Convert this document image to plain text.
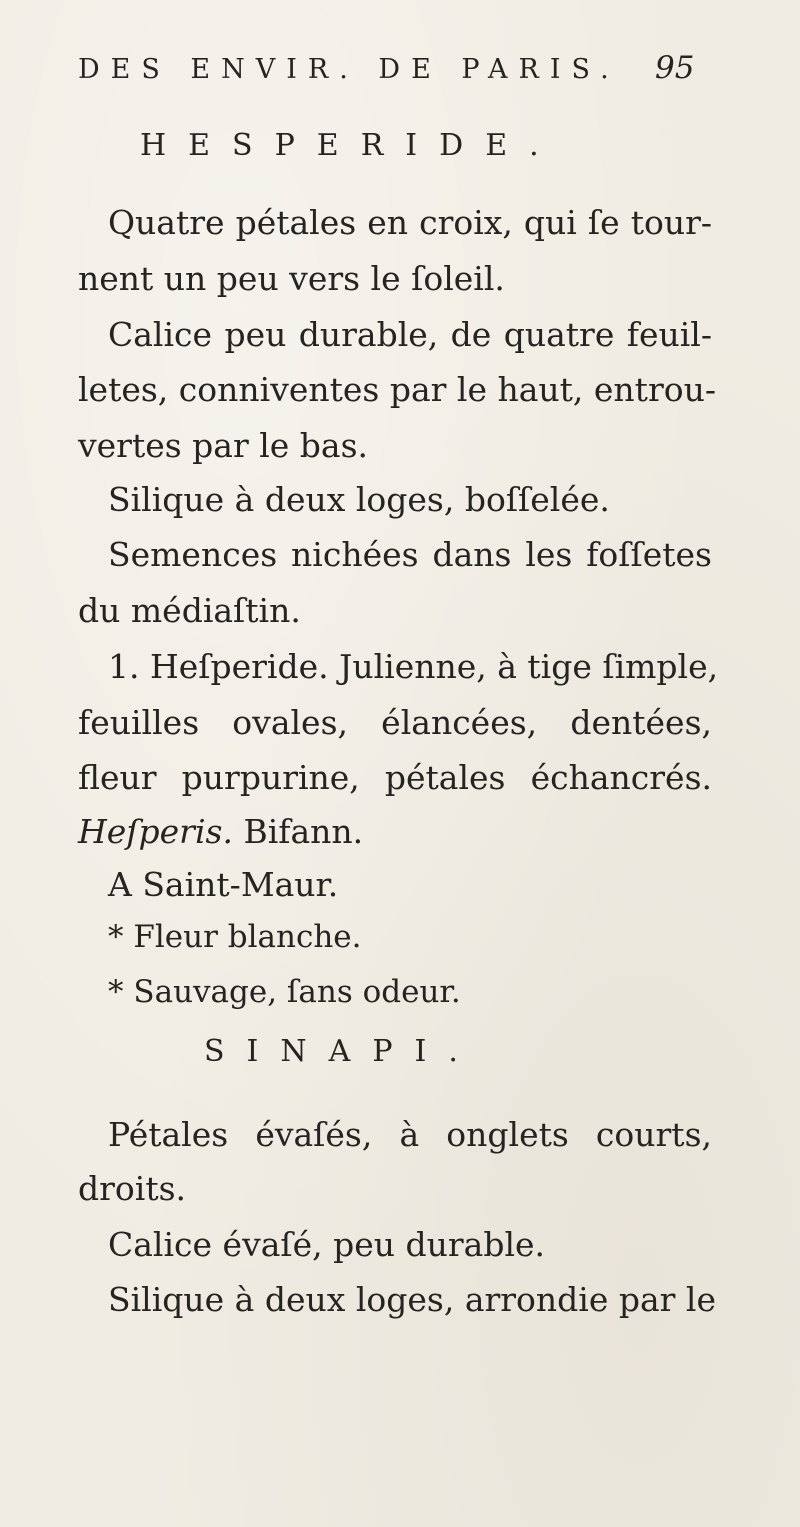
DES ENVIR. DE PARIS.	95
HESPERIDE.
Quatre pétales en croix, qui ſe tour-
nent un peu vers le ſoleil.
Calice peu durable, de quatre feuil-
letes, conniventes par le haut, entrou-
vertes par le bas.
Silique à deux loges, boſſelée.
Semences nichées dans les foſſetes
du médiaſtin.
1. Heſperide. Julienne, à tige ſimple,
feuilles ovales, élancées, dentées,
fleur purpurine, pétales échancrés.
Heſperis. Bifann.
A Saint-Maur.
* Fleur blanche.
SINAPI.
Pétales évaſés, à onglets courts,
droits.
Calice évaſé, peu durable.
Silique à deux loges, arrondie par le
* Sauvage, ſans odeur.
